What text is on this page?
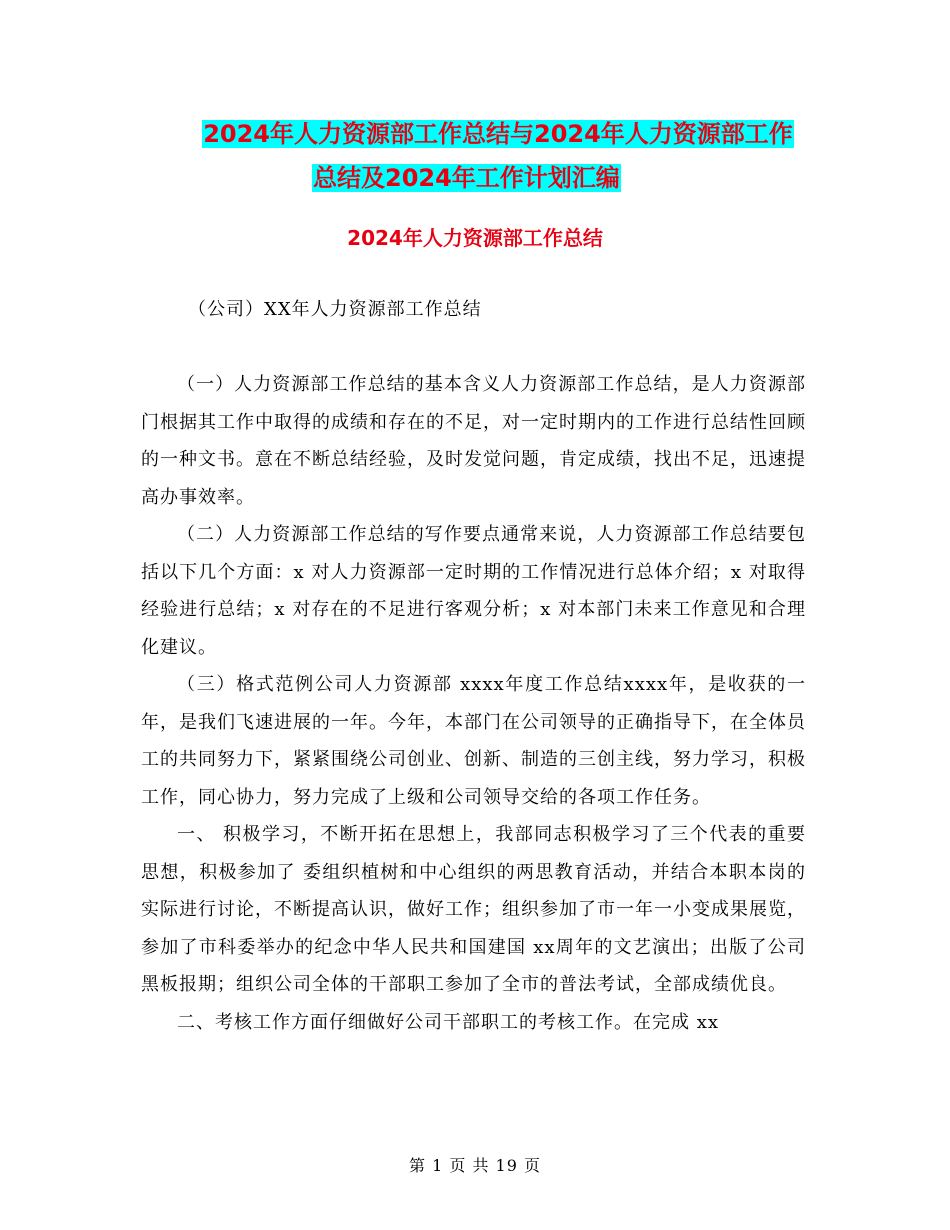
2024年人力资源部工作总结与2024年人力资源部工作
总结及2024年工作计划汇编
2024年人力资源部工作总结
（公司）XX年人力资源部工作总结

（一）人力资源部工作总结的基本含义人力资源部工作总结，是人力资源部门根据其工作中取得的成绩和存在的不足，对一定时期内的工作进行总结性回顾的一种文书。意在不断总结经验，及时发觉问题，肯定成绩，找出不足，迅速提高办事效率。

（二）人力资源部工作总结的写作要点通常来说，人力资源部工作总结要包括以下几个方面：x 对人力资源部一定时期的工作情况进行总体介绍；x 对取得经验进行总结；x 对存在的不足进行客观分析；x 对本部门未来工作意见和合理化建议。

（三）格式范例公司人力资源部 xxxx年度工作总结xxxx年，是收获的一年，是我们飞速进展的一年。今年，本部门在公司领导的正确指导下，在全体员工的共同努力下，紧紧围绕公司创业、创新、制造的三创主线，努力学习，积极工作，同心协力，努力完成了上级和公司领导交给的各项工作任务。

一、 积极学习，不断开拓在思想上，我部同志积极学习了三个代表的重要思想，积极参加了 委组织植树和中心组织的两思教育活动，并结合本职本岗的实际进行讨论，不断提高认识，做好工作；组织参加了市一年一小变成果展览，参加了市科委举办的纪念中华人民共和国建国 xx周年的文艺演出；出版了公司黑板报期；组织公司全体的干部职工参加了全市的普法考试，全部成绩优良。

二、考核工作方面仔细做好公司干部职工的考核工作。在完成 xx

第 1 页 共 19 页
